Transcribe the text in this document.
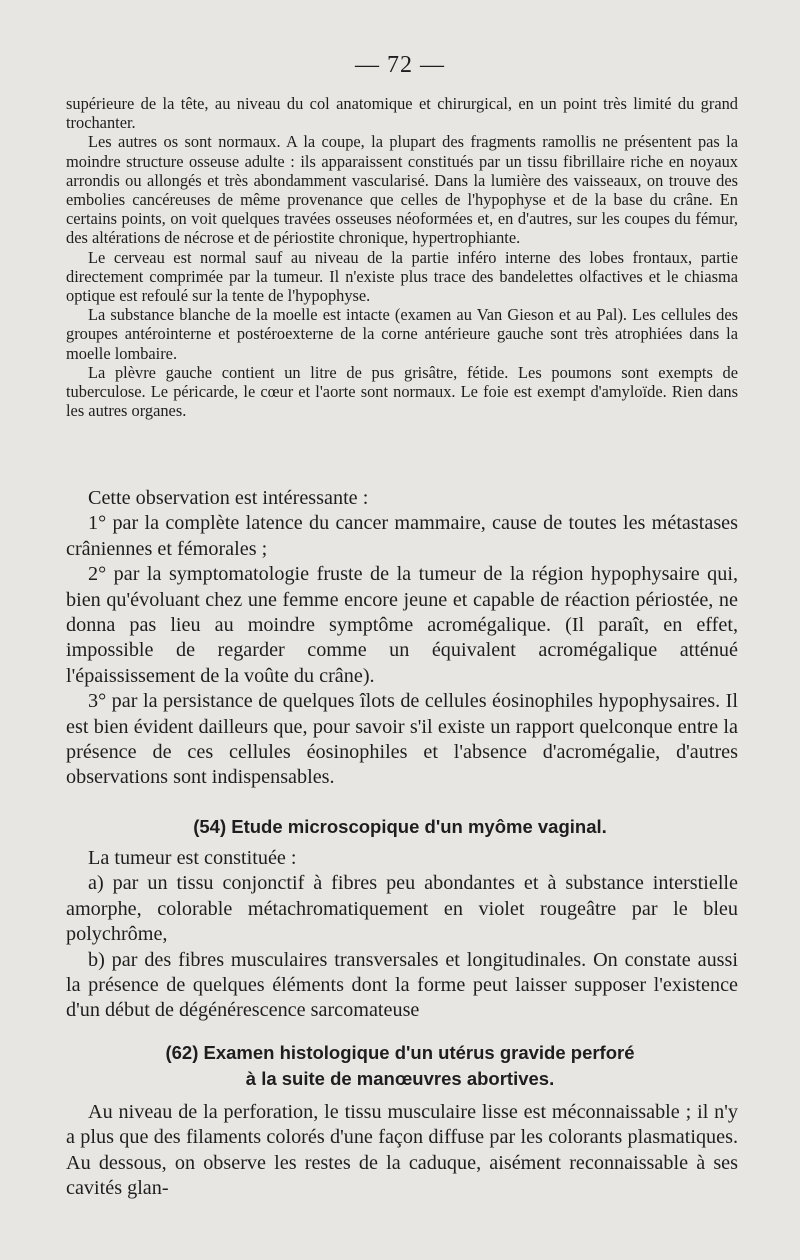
— 72 —

supérieure de la tête, au niveau du col anatomique et chirurgical, en un point très limité du grand trochanter.

Les autres os sont normaux. A la coupe, la plupart des fragments ramollis ne présentent pas la moindre structure osseuse adulte : ils apparaissent constitués par un tissu fibrillaire riche en noyaux arrondis ou allongés et très abondamment vascularisé. Dans la lumière des vaisseaux, on trouve des embolies cancéreuses de même provenance que celles de l'hypophyse et de la base du crâne. En certains points, on voit quelques travées osseuses néoformées et, en d'autres, sur les coupes du fémur, des altérations de nécrose et de périostite chronique, hypertrophiante.

Le cerveau est normal sauf au niveau de la partie inféro interne des lobes frontaux, partie directement comprimée par la tumeur. Il n'existe plus trace des bandelettes olfactives et le chiasma optique est refoulé sur la tente de l'hypophyse.

La substance blanche de la moelle est intacte (examen au Van Gieson et au Pal). Les cellules des groupes antérointerne et postéroexterne de la corne antérieure gauche sont très atrophiées dans la moelle lombaire.

La plèvre gauche contient un litre de pus grisâtre, fétide. Les poumons sont exempts de tuberculose. Le péricarde, le cœur et l'aorte sont normaux. Le foie est exempt d'amyloïde. Rien dans les autres organes.

Cette observation est intéressante :

1° par la complète latence du cancer mammaire, cause de toutes les métastases crâniennes et fémorales ;

2° par la symptomatologie fruste de la tumeur de la région hypophysaire qui, bien qu'évoluant chez une femme encore jeune et capable de réaction périostée, ne donna pas lieu au moindre symptôme acromégalique. (Il paraît, en effet, impossible de regarder comme un équivalent acromégalique atténué l'épaississement de la voûte du crâne).

3° par la persistance de quelques îlots de cellules éosinophiles hypophysaires. Il est bien évident dailleurs que, pour savoir s'il existe un rapport quelconque entre la présence de ces cellules éosinophiles et l'absence d'acromégalie, d'autres observations sont indispensables.

(54) Etude microscopique d'un myôme vaginal.

La tumeur est constituée :

a) par un tissu conjonctif à fibres peu abondantes et à substance interstielle amorphe, colorable métachromatiquement en violet rougeâtre par le bleu polychrôme,

b) par des fibres musculaires transversales et longitudinales. On constate aussi la présence de quelques éléments dont la forme peut laisser supposer l'existence d'un début de dégénérescence sarcomateuse

(62) Examen histologique d'un utérus gravide perforé
à la suite de manœuvres abortives.

Au niveau de la perforation, le tissu musculaire lisse est méconnaissable ; il n'y a plus que des filaments colorés d'une façon diffuse par les colorants plasmatiques. Au dessous, on observe les restes de la caduque, aisément reconnaissable à ses cavités glan-
